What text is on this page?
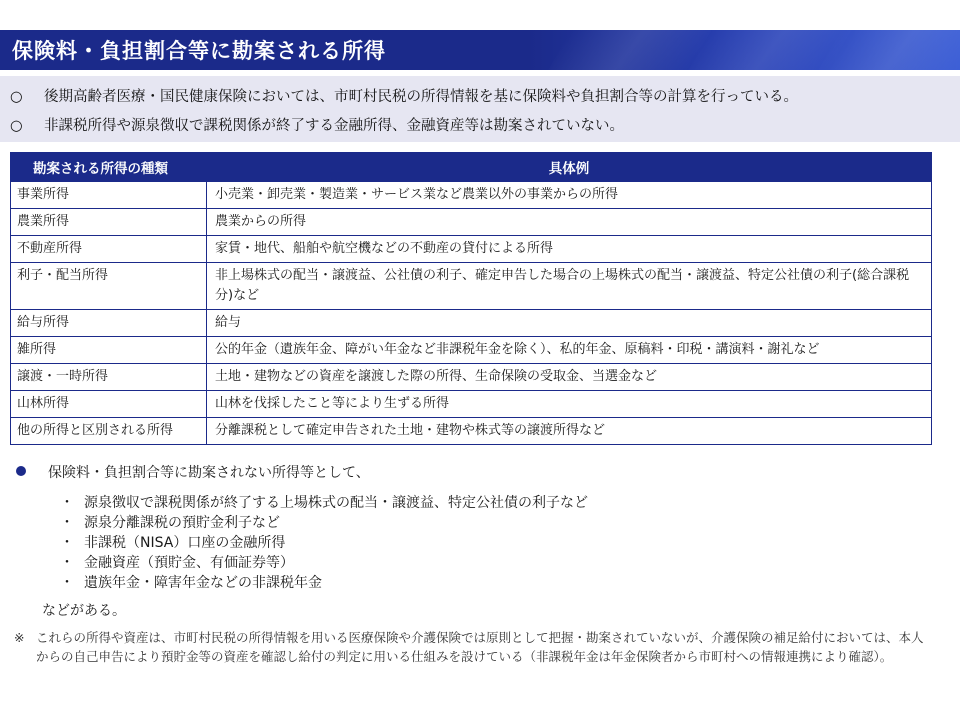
保険料・負担割合等に勘案される所得
○ 後期高齢者医療・国民健康保険においては、市町村民税の所得情報を基に保険料や負担割合等の計算を行っている。
○ 非課税所得や源泉徴収で課税関係が終了する金融所得、金融資産等は勘案されていない。
勘案される所得の種類	具体例
事業所得	小売業・卸売業・製造業・サービス業など農業以外の事業からの所得
農業所得	農業からの所得
不動産所得	家賃・地代、船舶や航空機などの不動産の貸付による所得
利子・配当所得	非上場株式の配当・譲渡益、公社債の利子、確定申告した場合の上場株式の配当・譲渡益、特定公社債の利子(総合課税分)など
給与所得	給与
雑所得	公的年金（遺族年金、障がい年金など非課税年金を除く）、私的年金、原稿料・印税・講演料・謝礼など
譲渡・一時所得	土地・建物などの資産を譲渡した際の所得、生命保険の受取金、当選金など
山林所得	山林を伐採したこと等により生ずる所得
他の所得と区別される所得	分離課税として確定申告された土地・建物や株式等の譲渡所得など
保険料・負担割合等に勘案されない所得等として、
・ 源泉徴収で課税関係が終了する上場株式の配当・譲渡益、特定公社債の利子など
・ 源泉分離課税の預貯金利子など
・ 非課税（NISA）口座の金融所得
・ 金融資産（預貯金、有価証券等）
・ 遺族年金・障害年金などの非課税年金
などがある。
※ これらの所得や資産は、市町村民税の所得情報を用いる医療保険や介護保険では原則として把握・勘案されていないが、介護保険の補足給付においては、本人からの自己申告により預貯金等の資産を確認し給付の判定に用いる仕組みを設けている（非課税年金は年金保険者から市町村への情報連携により確認）。
